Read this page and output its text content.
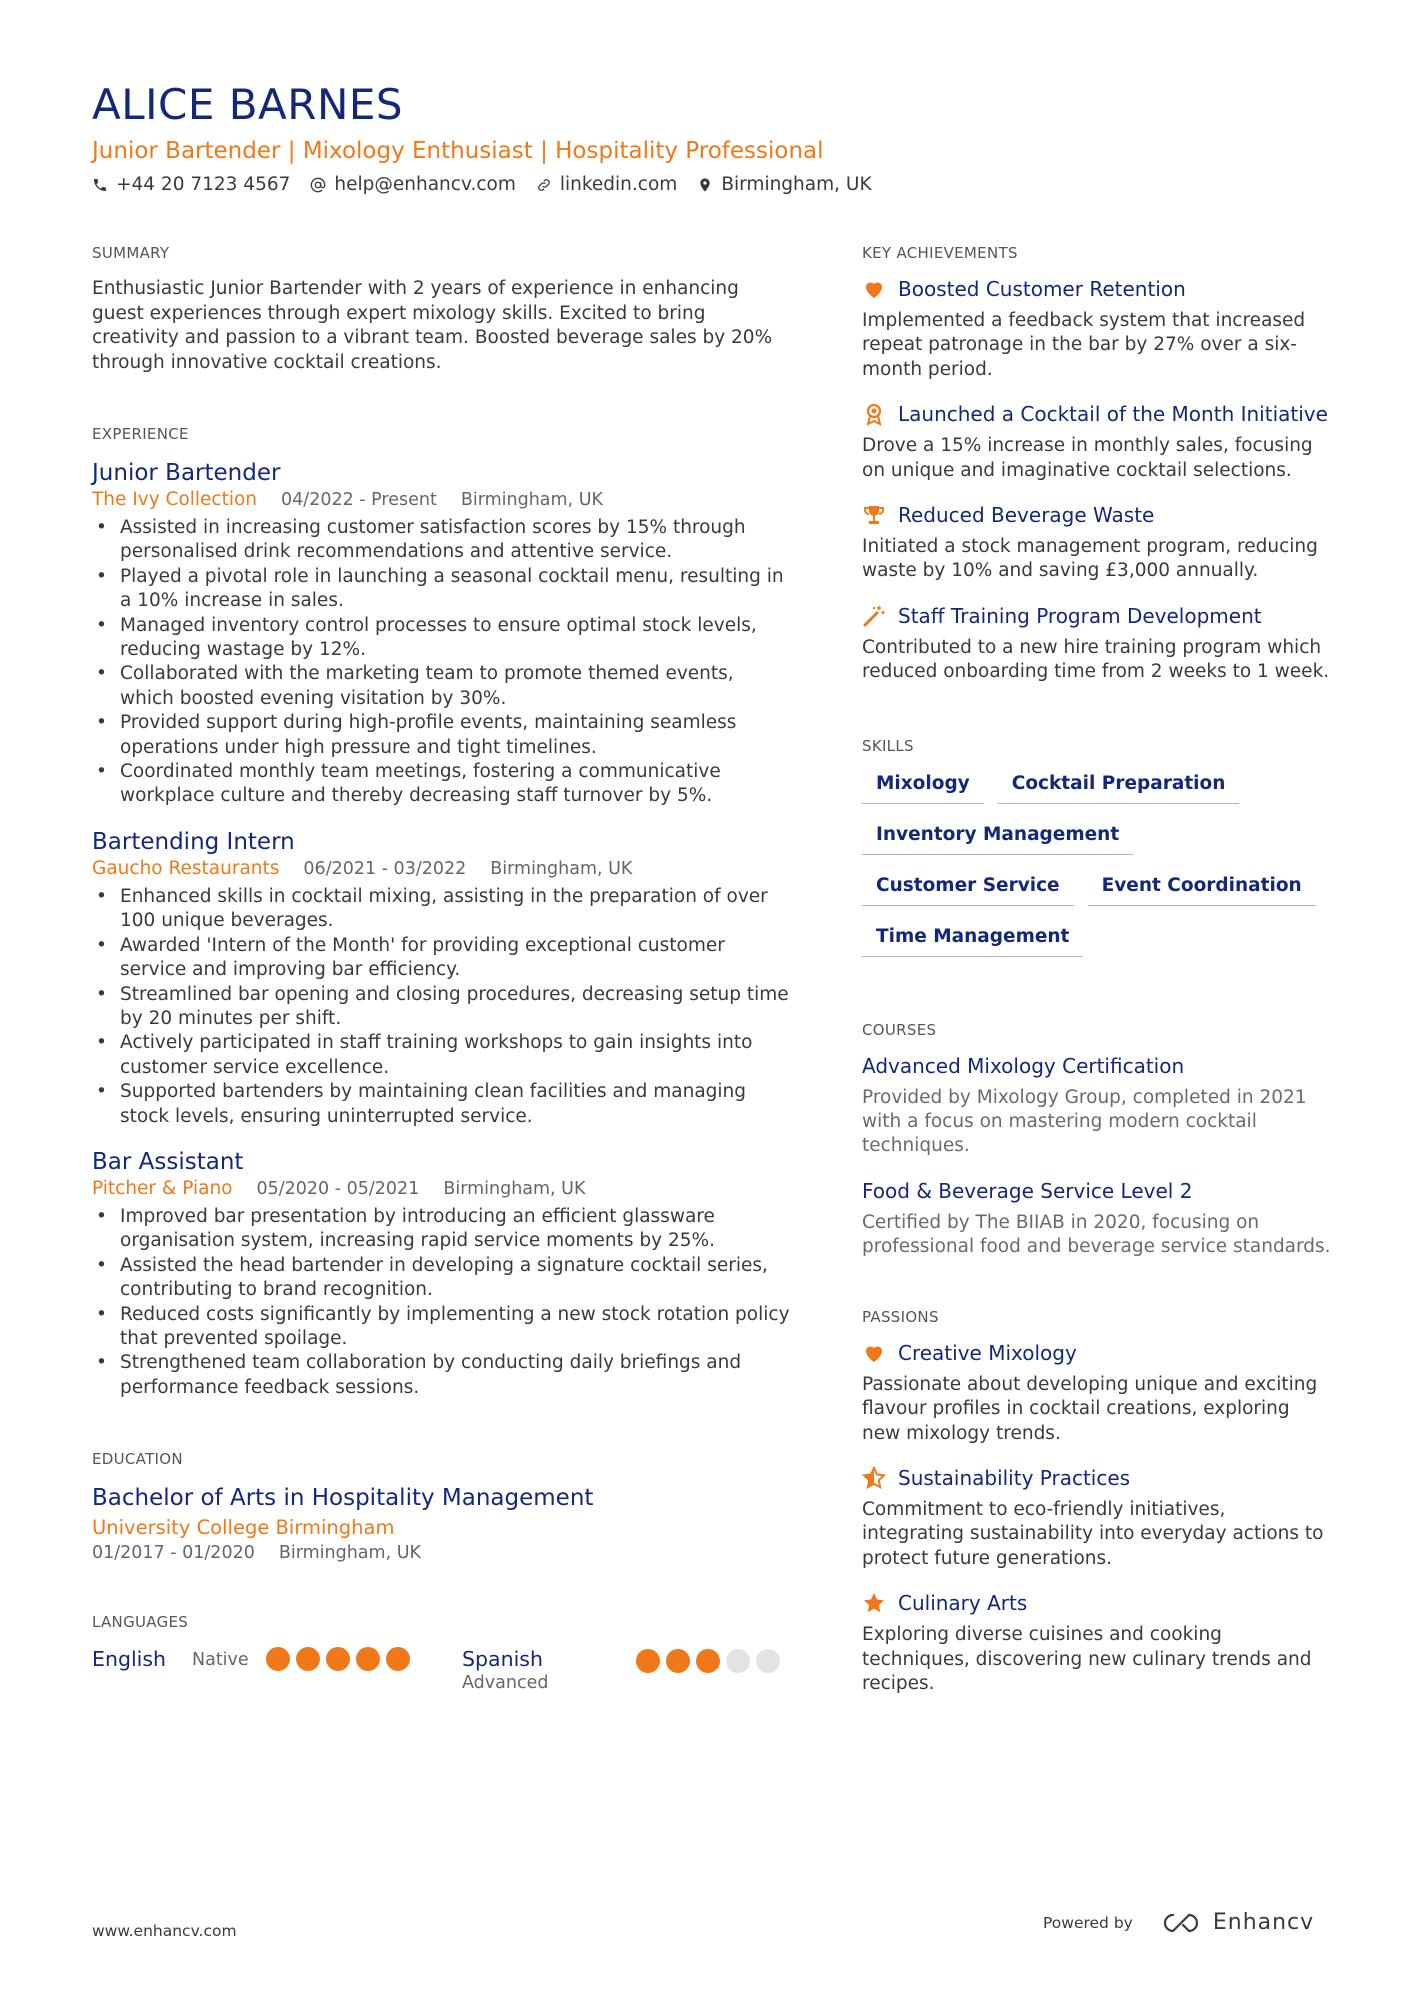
ALICE BARNES
Junior Bartender | Mixology Enthusiast | Hospitality Professional
+44 20 7123 4567 help@enhancv.com linkedin.com Birmingham, UK
SUMMARY
Enthusiastic Junior Bartender with 2 years of experience in enhancing guest experiences through expert mixology skills. Excited to bring creativity and passion to a vibrant team. Boosted beverage sales by 20% through innovative cocktail creations.
EXPERIENCE
Junior Bartender
The Ivy Collection 04/2022 - Present Birmingham, UK
• Assisted in increasing customer satisfaction scores by 15% through personalised drink recommendations and attentive service.
• Played a pivotal role in launching a seasonal cocktail menu, resulting in a 10% increase in sales.
• Managed inventory control processes to ensure optimal stock levels, reducing wastage by 12%.
• Collaborated with the marketing team to promote themed events, which boosted evening visitation by 30%.
• Provided support during high-profile events, maintaining seamless operations under high pressure and tight timelines.
• Coordinated monthly team meetings, fostering a communicative workplace culture and thereby decreasing staff turnover by 5%.
Bartending Intern
Gaucho Restaurants 06/2021 - 03/2022 Birmingham, UK
• Enhanced skills in cocktail mixing, assisting in the preparation of over 100 unique beverages.
• Awarded 'Intern of the Month' for providing exceptional customer service and improving bar efficiency.
• Streamlined bar opening and closing procedures, decreasing setup time by 20 minutes per shift.
• Actively participated in staff training workshops to gain insights into customer service excellence.
• Supported bartenders by maintaining clean facilities and managing stock levels, ensuring uninterrupted service.
Bar Assistant
Pitcher & Piano 05/2020 - 05/2021 Birmingham, UK
• Improved bar presentation by introducing an efficient glassware organisation system, increasing rapid service moments by 25%.
• Assisted the head bartender in developing a signature cocktail series, contributing to brand recognition.
• Reduced costs significantly by implementing a new stock rotation policy that prevented spoilage.
• Strengthened team collaboration by conducting daily briefings and performance feedback sessions.
EDUCATION
Bachelor of Arts in Hospitality Management
University College Birmingham
01/2017 - 01/2020 Birmingham, UK
LANGUAGES
English	Native	Spanish
Advanced
KEY ACHIEVEMENTS
Boosted Customer Retention
Implemented a feedback system that increased repeat patronage in the bar by 27% over a six-month period.
Launched a Cocktail of the Month Initiative
Drove a 15% increase in monthly sales, focusing on unique and imaginative cocktail selections.
Reduced Beverage Waste
Initiated a stock management program, reducing waste by 10% and saving £3,000 annually.
Staff Training Program Development
Contributed to a new hire training program which reduced onboarding time from 2 weeks to 1 week.
SKILLS
Mixology	Cocktail Preparation
Inventory Management
Customer Service	Event Coordination
Time Management
COURSES
Advanced Mixology Certification
Provided by Mixology Group, completed in 2021 with a focus on mastering modern cocktail techniques.
Food & Beverage Service Level 2
Certified by The BIIAB in 2020, focusing on professional food and beverage service standards.
PASSIONS
Creative Mixology
Passionate about developing unique and exciting flavour profiles in cocktail creations, exploring new mixology trends.
Sustainability Practices
Commitment to eco-friendly initiatives, integrating sustainability into everyday actions to protect future generations.
Culinary Arts
Exploring diverse cuisines and cooking techniques, discovering new culinary trends and recipes.
www.enhancv.com	Powered by	Enhancv
